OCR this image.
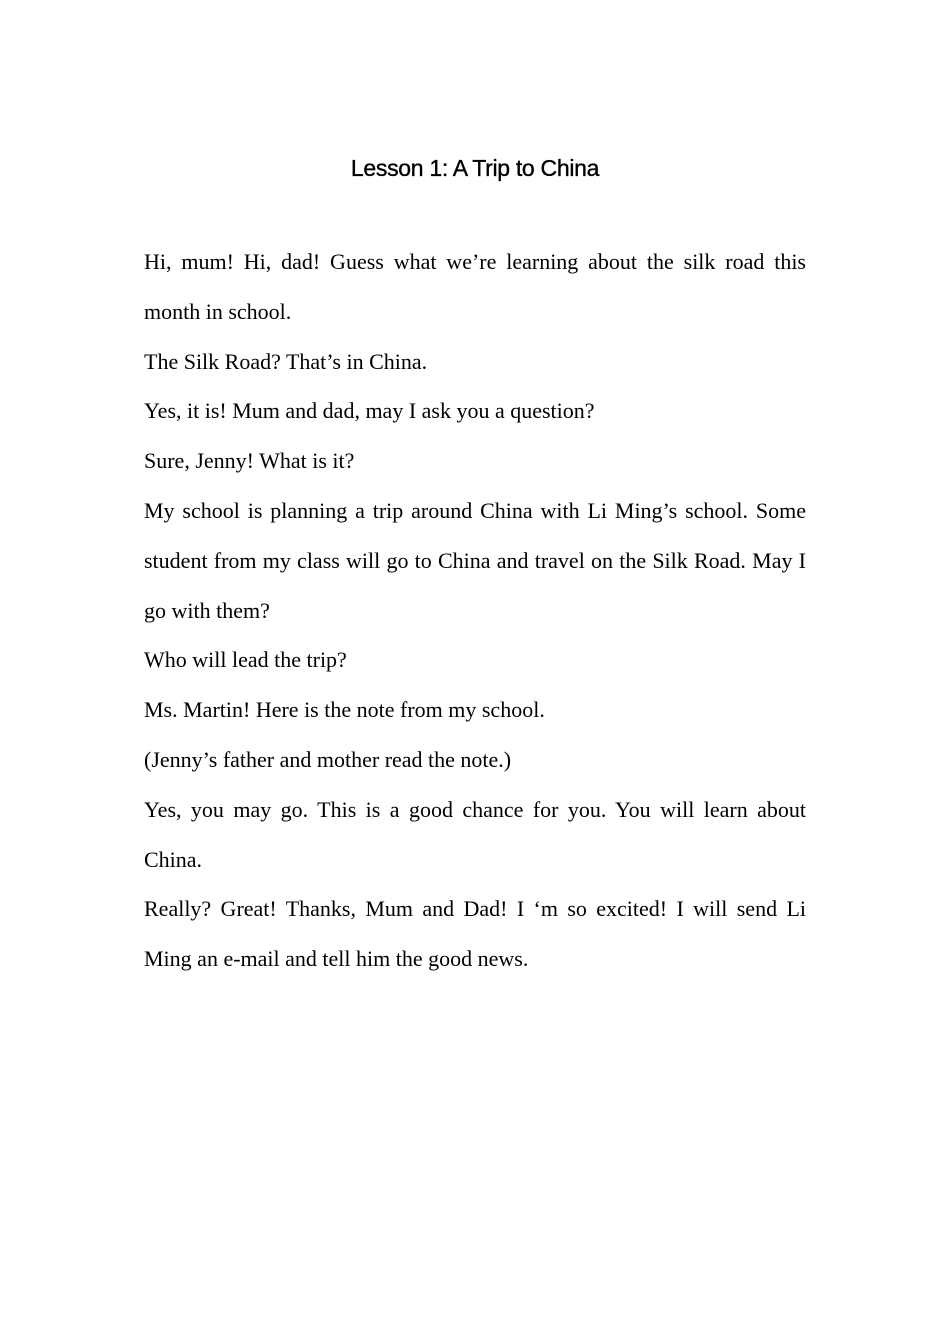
Lesson 1: A Trip to China

Hi, mum! Hi, dad! Guess what we’re learning about the silk road this month in school.

The Silk Road? That’s in China.

Yes, it is! Mum and dad, may I ask you a question?

Sure, Jenny! What is it?

My school is planning a trip around China with Li Ming’s school. Some student from my class will go to China and travel on the Silk Road. May I go with them?

Who will lead the trip?

Ms. Martin! Here is the note from my school.

(Jenny’s father and mother read the note.)

Yes, you may go. This is a good chance for you. You will learn about China.

Really? Great! Thanks, Mum and Dad! I ‘m so excited! I will send Li Ming an e-mail and tell him the good news.
